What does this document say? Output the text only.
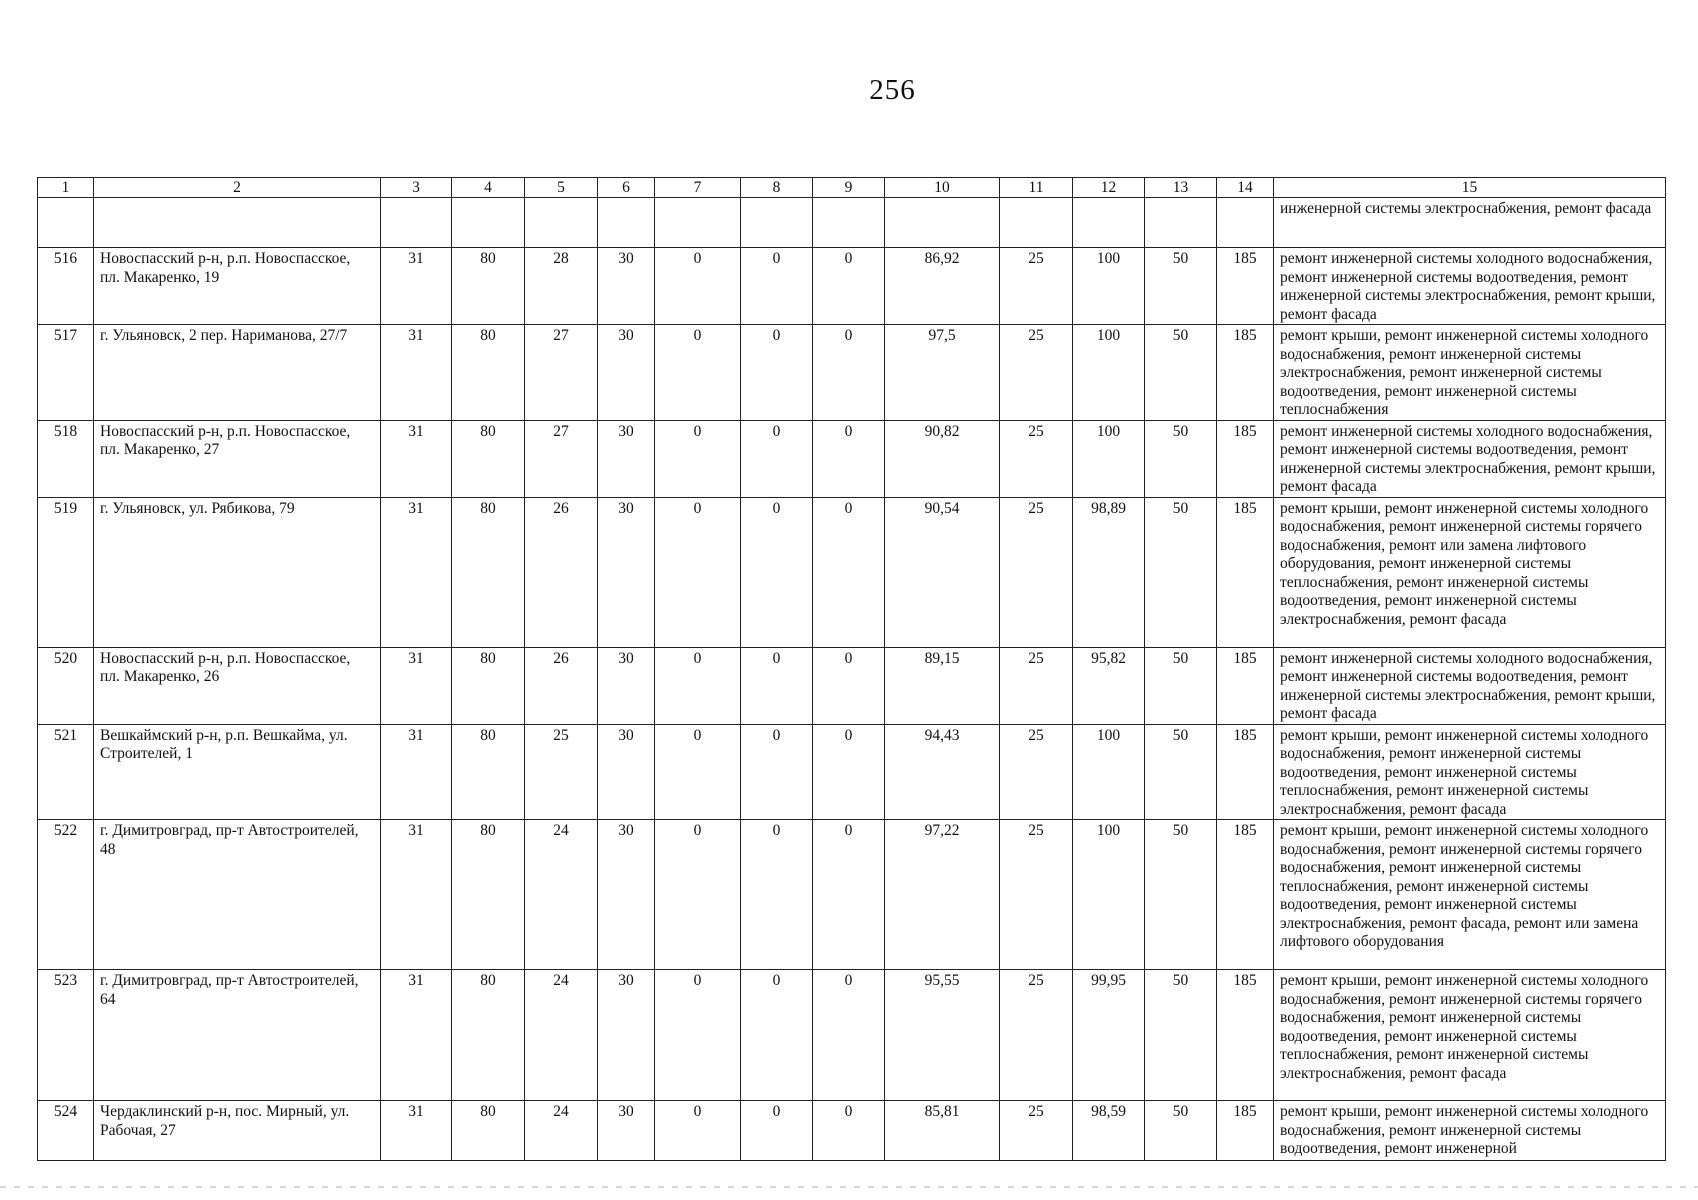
256
1	2	3	4	5	6	7	8	9	10	11	12	13	14	15
														инженерной системы электроснабжения, ремонт фасада
516	Новоспасский р-н, р.п. Новоспасское, пл. Макаренко, 19	31	80	28	30	0	0	0	86,92	25	100	50	185	ремонт инженерной системы холодного водоснабжения, ремонт инженерной системы водоотведения, ремонт инженерной системы электроснабжения, ремонт крыши, ремонт фасада
517	г. Ульяновск, 2 пер. Нариманова, 27/7	31	80	27	30	0	0	0	97,5	25	100	50	185	ремонт крыши, ремонт инженерной системы холодного водоснабжения, ремонт инженерной системы электроснабжения, ремонт инженерной системы водоотведения, ремонт инженерной системы теплоснабжения
518	Новоспасский р-н, р.п. Новоспасское, пл. Макаренко, 27	31	80	27	30	0	0	0	90,82	25	100	50	185	ремонт инженерной системы холодного водоснабжения, ремонт инженерной системы водоотведения, ремонт инженерной системы электроснабжения, ремонт крыши, ремонт фасада
519	г. Ульяновск, ул. Рябикова, 79	31	80	26	30	0	0	0	90,54	25	98,89	50	185	ремонт крыши, ремонт инженерной системы холодного водоснабжения, ремонт инженерной системы горячего водоснабжения, ремонт или замена лифтового оборудования, ремонт инженерной системы теплоснабжения, ремонт инженерной системы водоотведения, ремонт инженерной системы электроснабжения, ремонт фасада
520	Новоспасский р-н, р.п. Новоспасское, пл. Макаренко, 26	31	80	26	30	0	0	0	89,15	25	95,82	50	185	ремонт инженерной системы холодного водоснабжения, ремонт инженерной системы водоотведения, ремонт инженерной системы электроснабжения, ремонт крыши, ремонт фасада
521	Вешкаймский р-н, р.п. Вешкайма, ул. Строителей, 1	31	80	25	30	0	0	0	94,43	25	100	50	185	ремонт крыши, ремонт инженерной системы холодного водоснабжения, ремонт инженерной системы водоотведения, ремонт инженерной системы теплоснабжения, ремонт инженерной системы электроснабжения, ремонт фасада
522	г. Димитровград, пр-т Автостроителей, 48	31	80	24	30	0	0	0	97,22	25	100	50	185	ремонт крыши, ремонт инженерной системы холодного водоснабжения, ремонт инженерной системы горячего водоснабжения, ремонт инженерной системы теплоснабжения, ремонт инженерной системы водоотведения, ремонт инженерной системы электроснабжения, ремонт фасада, ремонт или замена лифтового оборудования
523	г. Димитровград, пр-т Автостроителей, 64	31	80	24	30	0	0	0	95,55	25	99,95	50	185	ремонт крыши, ремонт инженерной системы холодного водоснабжения, ремонт инженерной системы горячего водоснабжения, ремонт инженерной системы водоотведения, ремонт инженерной системы теплоснабжения, ремонт инженерной системы электроснабжения, ремонт фасада
524	Чердаклинский р-н, пос. Мирный, ул. Рабочая, 27	31	80	24	30	0	0	0	85,81	25	98,59	50	185	ремонт крыши, ремонт инженерной системы холодного водоснабжения, ремонт инженерной системы водоотведения, ремонт инженерной
